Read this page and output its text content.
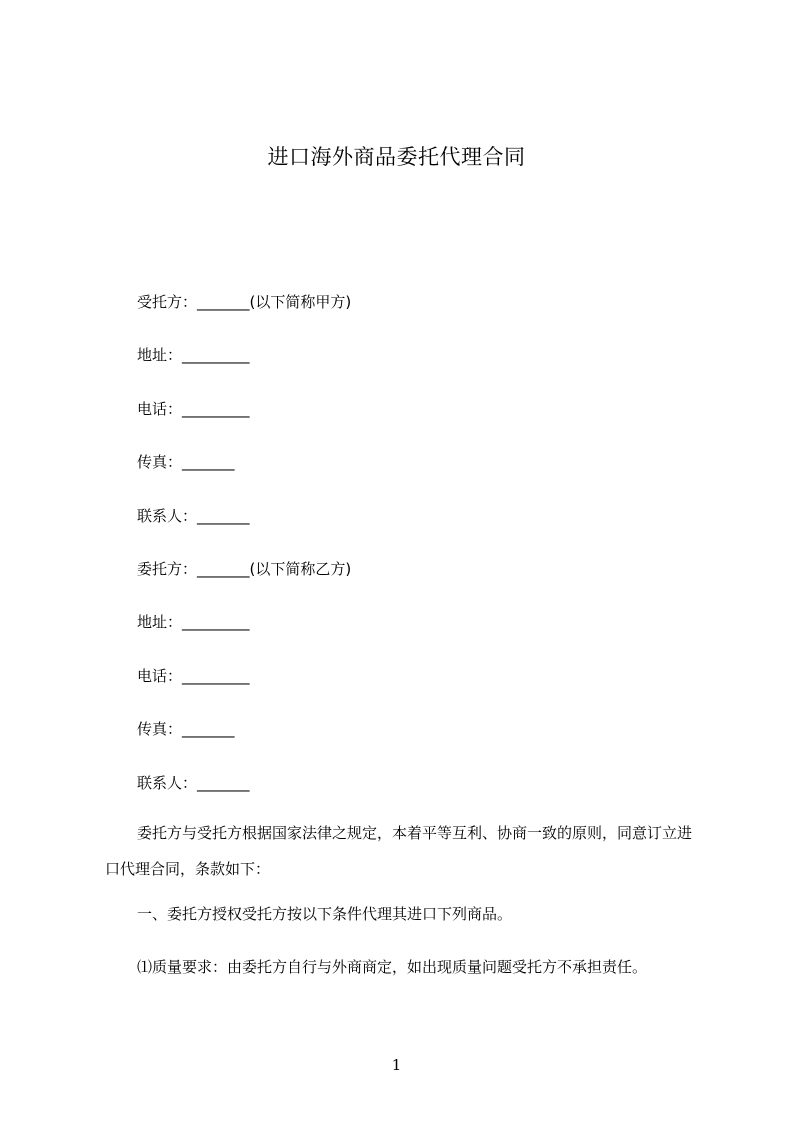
进口海外商品委托代理合同
受托方：_______(以下简称甲方)
地址：_________
电话：_________
传真：_______
联系人：_______
委托方：_______(以下简称乙方)
地址：_________
电话：_________
传真：_______
联系人：_______
委托方与受托方根据国家法律之规定，本着平等互利、协商一致的原则，同意订立进口代理合同，条款如下：
一、委托方授权受托方按以下条件代理其进口下列商品。
⑴质量要求：由委托方自行与外商商定，如出现质量问题受托方不承担责任。
1
